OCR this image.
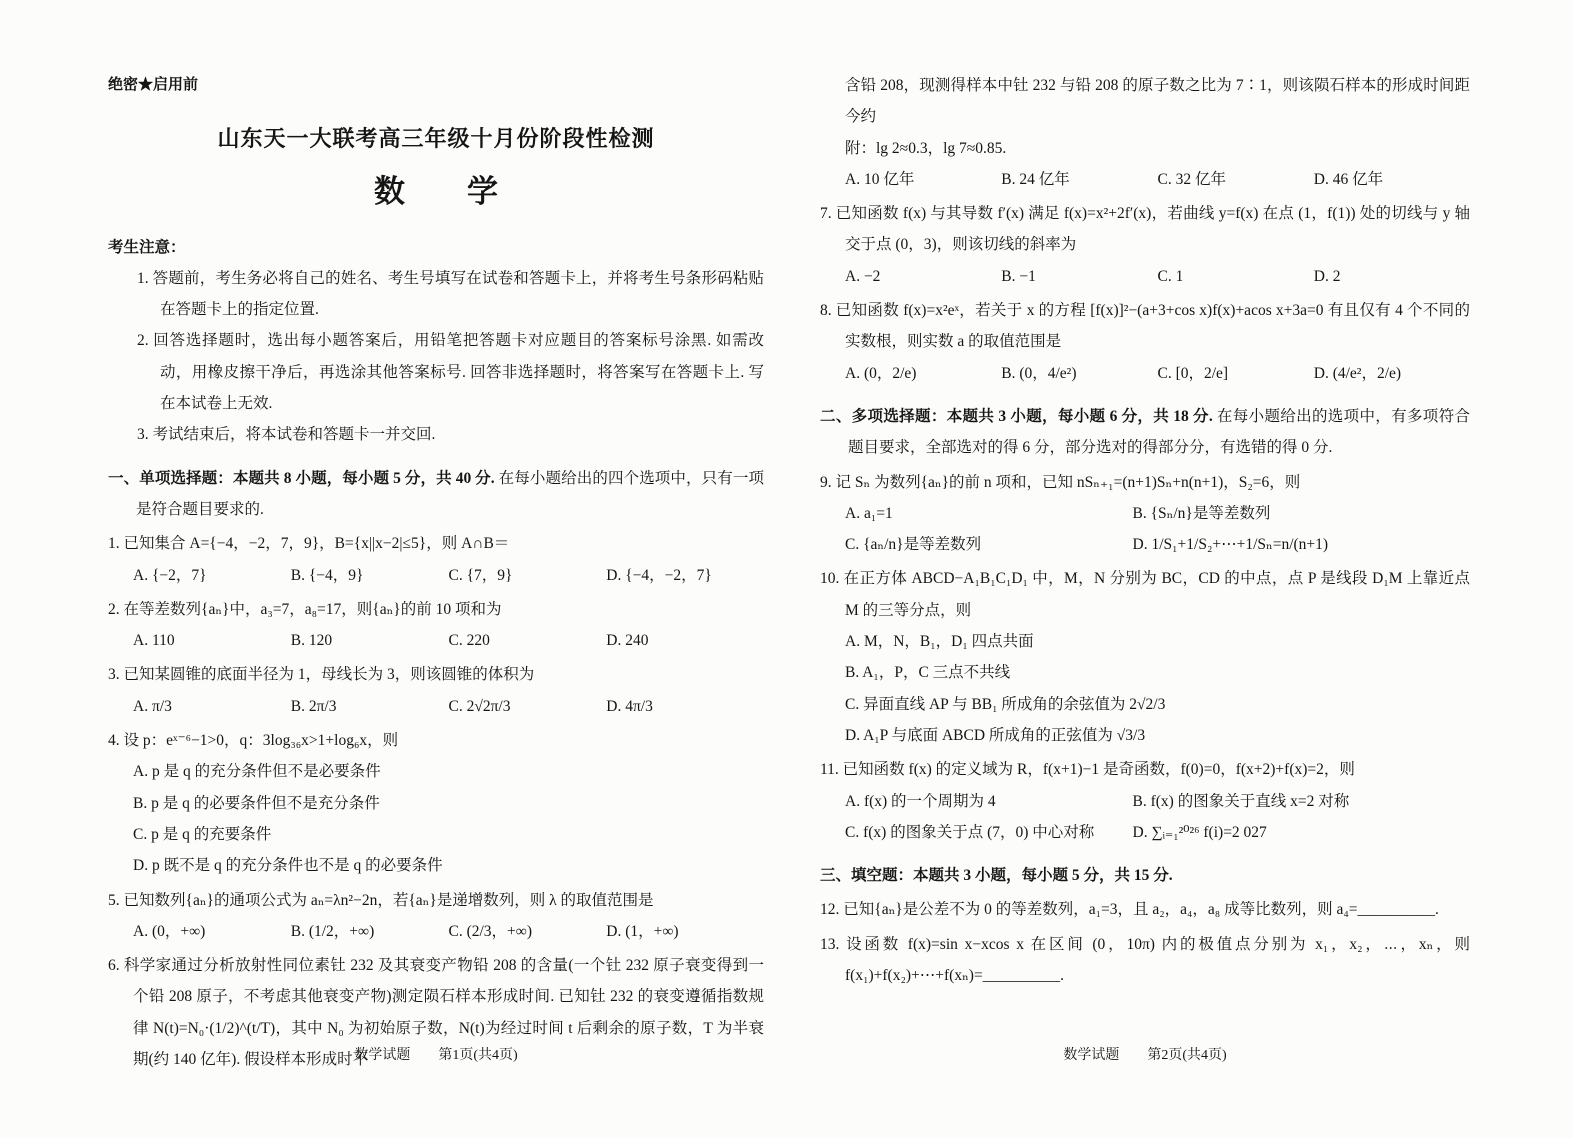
绝密★启用前
山东天一大联考高三年级十月份阶段性检测
数　　学
考生注意：
1. 答题前，考生务必将自己的姓名、考生号填写在试卷和答题卡上，并将考生号条形码粘贴在答题卡上的指定位置.
2. 回答选择题时，选出每小题答案后，用铅笔把答题卡对应题目的答案标号涂黑. 如需改动，用橡皮擦干净后，再选涂其他答案标号. 回答非选择题时，将答案写在答题卡上. 写在本试卷上无效.
3. 考试结束后，将本试卷和答题卡一并交回.
一、单项选择题：本题共 8 小题，每小题 5 分，共 40 分. 在每小题给出的四个选项中，只有一项是符合题目要求的.
1. 已知集合 A={−4，−2，7，9}，B={x||x−2|≤5}，则 A∩B＝
A. {−2，7}	B. {−4，9}	C. {7，9}	D. {−4，−2，7}
2. 在等差数列{aₙ}中，a₃=7，a₈=17，则{aₙ}的前 10 项和为
A. 110	B. 120	C. 220	D. 240
3. 已知某圆锥的底面半径为 1，母线长为 3，则该圆锥的体积为
A. π/3	B. 2π/3	C. 2√2π/3	D. 4π/3
4. 设 p：eˣ⁻⁶−1>0，q：3log₃₆x>1+log₆x，则
A. p 是 q 的充分条件但不是必要条件
B. p 是 q 的必要条件但不是充分条件
C. p 是 q 的充要条件
D. p 既不是 q 的充分条件也不是 q 的必要条件
5. 已知数列{aₙ}的通项公式为 aₙ=λn²−2n，若{aₙ}是递增数列，则 λ 的取值范围是
A. (0，+∞)	B. (1/2，+∞)	C. (2/3，+∞)	D. (1，+∞)
6. 科学家通过分析放射性同位素钍 232 及其衰变产物铅 208 的含量(一个钍 232 原子衰变得到一个铅 208 原子，不考虑其他衰变产物)测定陨石样本形成时间. 已知钍 232 的衰变遵循指数规律 N(t)=N₀·(1/2)^(t/T)，其中 N₀ 为初始原子数，N(t)为经过时间 t 后剩余的原子数，T 为半衰期(约 140 亿年). 假设样本形成时不
数学试题　　第1页(共4页)
含铅 208，现测得样本中钍 232 与铅 208 的原子数之比为 7∶1，则该陨石样本的形成时间距今约
附：lg 2≈0.3，lg 7≈0.85.
A. 10 亿年	B. 24 亿年	C. 32 亿年	D. 46 亿年
7. 已知函数 f(x) 与其导数 f′(x) 满足 f(x)=x²+2f′(x)，若曲线 y=f(x) 在点 (1，f(1)) 处的切线与 y 轴交于点 (0，3)，则该切线的斜率为
A. −2	B. −1	C. 1	D. 2
8. 已知函数 f(x)=x²eˣ，若关于 x 的方程 [f(x)]²−(a+3+cos x)f(x)+acos x+3a=0 有且仅有 4 个不同的实数根，则实数 a 的取值范围是
A. (0，2/e)	B. (0，4/e²)	C. [0，2/e]	D. (4/e²，2/e)
二、多项选择题：本题共 3 小题，每小题 6 分，共 18 分. 在每小题给出的选项中，有多项符合题目要求，全部选对的得 6 分，部分选对的得部分分，有选错的得 0 分.
9. 记 Sₙ 为数列{aₙ}的前 n 项和，已知 nSₙ₊₁=(n+1)Sₙ+n(n+1)，S₂=6，则
A. a₁=1	B. {Sₙ/n}是等差数列
C. {aₙ/n}是等差数列	D. 1/S₁+1/S₂+⋯+1/Sₙ=n/(n+1)
10. 在正方体 ABCD−A₁B₁C₁D₁ 中，M，N 分别为 BC，CD 的中点，点 P 是线段 D₁M 上靠近点 M 的三等分点，则
A. M，N，B₁，D₁ 四点共面
B. A₁，P，C 三点不共线
C. 异面直线 AP 与 BB₁ 所成角的余弦值为 2√2/3
D. A₁P 与底面 ABCD 所成角的正弦值为 √3/3
11. 已知函数 f(x) 的定义域为 R，f(x+1)−1 是奇函数，f(0)=0，f(x+2)+f(x)=2，则
A. f(x) 的一个周期为 4	B. f(x) 的图象关于直线 x=2 对称
C. f(x) 的图象关于点 (7，0) 中心对称	D. ∑ᵢ₌₁²⁰²⁶ f(i)=2 027
三、填空题：本题共 3 小题，每小题 5 分，共 15 分.
12. 已知{aₙ}是公差不为 0 的等差数列，a₁=3，且 a₂，a₄，a₈ 成等比数列，则 a₄=__________.
13. 设函数 f(x)=sin x−xcos x 在区间 (0，10π) 内的极值点分别为 x₁，x₂，⋯，xₙ，则 f(x₁)+f(x₂)+⋯+f(xₙ)=__________.
数学试题　　第2页(共4页)
